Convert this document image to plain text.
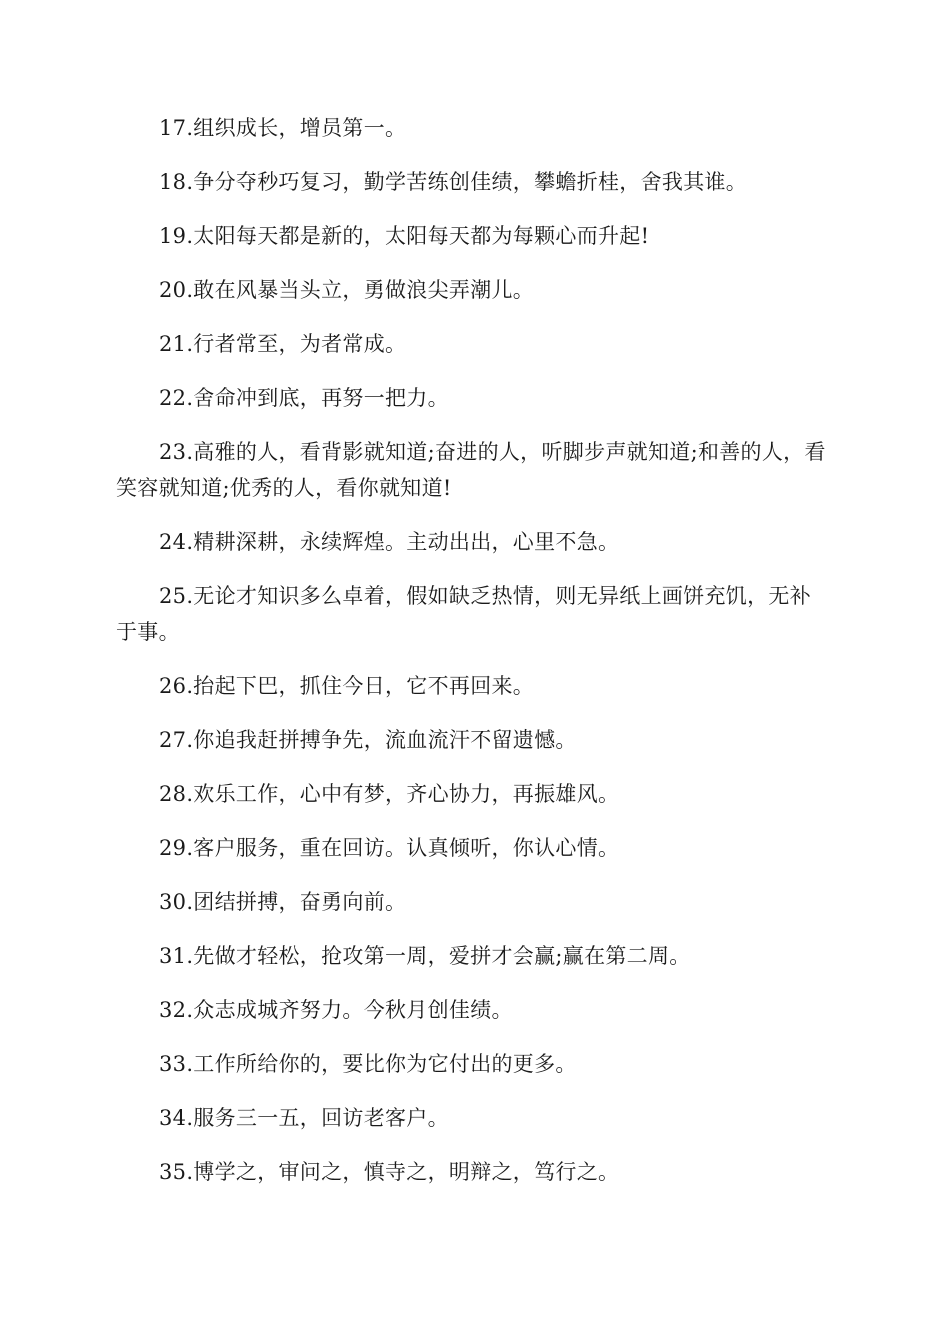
17.组织成长，增员第一。

18.争分夺秒巧复习，勤学苦练创佳绩，攀蟾折桂，舍我其谁。

19.太阳每天都是新的，太阳每天都为每颗心而升起!

20.敢在风暴当头立，勇做浪尖弄潮儿。

21.行者常至，为者常成。

22.舍命冲到底，再努一把力。

23.高雅的人，看背影就知道;奋进的人，听脚步声就知道;和善的人，看笑容就知道;优秀的人，看你就知道!

24.精耕深耕，永续辉煌。主动出出，心里不急。

25.无论才知识多么卓着，假如缺乏热情，则无异纸上画饼充饥，无补于事。

26.抬起下巴，抓住今日，它不再回来。

27.你追我赶拼搏争先，流血流汗不留遗憾。

28.欢乐工作，心中有梦，齐心协力，再振雄风。

29.客户服务，重在回访。认真倾听，你认心情。

30.团结拼搏，奋勇向前。

31.先做才轻松，抢攻第一周，爱拼才会赢;赢在第二周。

32.众志成城齐努力。今秋月创佳绩。

33.工作所给你的，要比你为它付出的更多。

34.服务三一五，回访老客户。

35.博学之，审问之，慎寺之，明辩之，笃行之。
